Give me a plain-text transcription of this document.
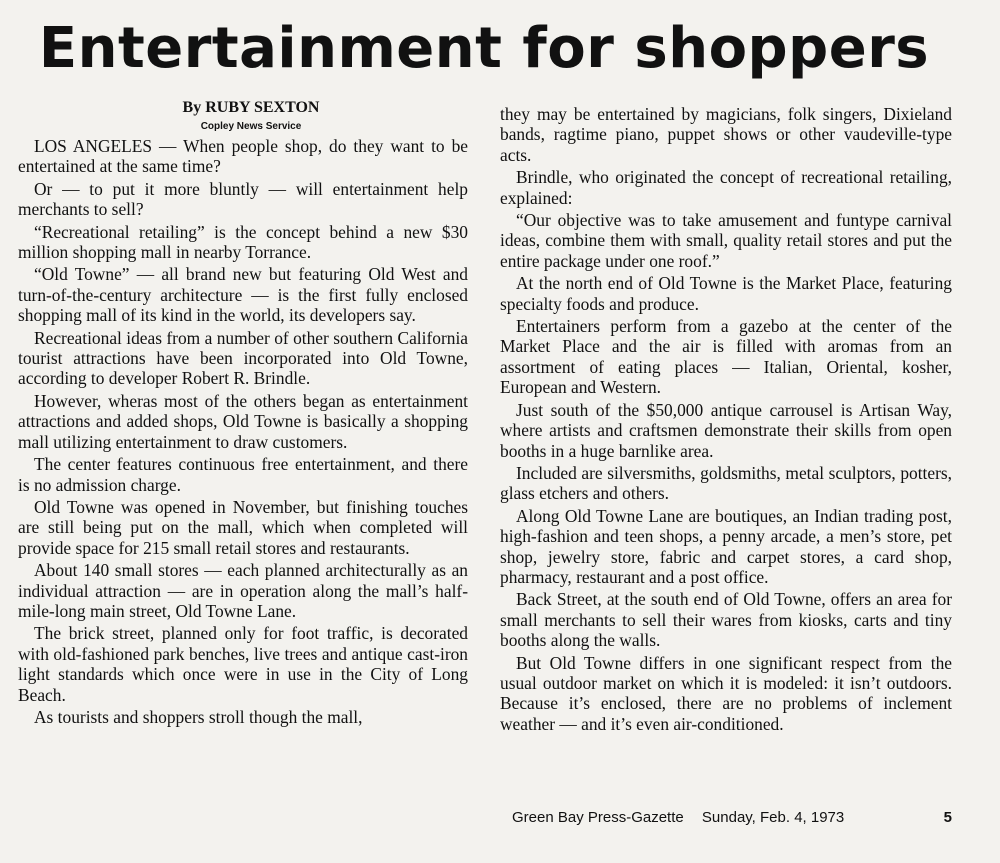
Entertainment for shoppers

By RUBY SEXTON

Copley News Service

LOS ANGELES — When people shop, do they want to be entertained at the same time?

Or — to put it more bluntly — will entertainment help merchants to sell?

“Recreational retailing” is the concept behind a new $30 million shopping mall in nearby Torrance.

“Old Towne” — all brand new but featuring Old West and turn-of-the-century architecture — is the first fully enclosed shopping mall of its kind in the world, its developers say.

Recreational ideas from a number of other southern California tourist attractions have been incorporated into Old Towne, according to developer Robert R. Brindle.

However, wheras most of the others began as entertainment attractions and added shops, Old Towne is basically a shopping mall utilizing entertainment to draw customers.

The center features continuous free entertainment, and there is no admission charge.

Old Towne was opened in November, but finishing touches are still being put on the mall, which when completed will provide space for 215 small retail stores and restaurants.

About 140 small stores — each planned architecturally as an individual attraction — are in operation along the mall’s half-mile-long main street, Old Towne Lane.

The brick street, planned only for foot traffic, is decorated with old-fashioned park benches, live trees and antique cast-iron light standards which once were in use in the City of Long Beach.

As tourists and shoppers stroll though the mall,

they may be entertained by magicians, folk singers, Dixieland bands, ragtime piano, puppet shows or other vaudeville-type acts.

Brindle, who originated the concept of recreational retailing, explained:

“Our objective was to take amusement and funtype carnival ideas, combine them with small, quality retail stores and put the entire package under one roof.”

At the north end of Old Towne is the Market Place, featuring specialty foods and produce.

Entertainers perform from a gazebo at the center of the Market Place and the air is filled with aromas from an assortment of eating places — Italian, Oriental, kosher, European and Western.

Just south of the $50,000 antique carrousel is Artisan Way, where artists and craftsmen demonstrate their skills from open booths in a huge barnlike area.

Included are silversmiths, goldsmiths, metal sculptors, potters, glass etchers and others.

Along Old Towne Lane are boutiques, an Indian trading post, high-fashion and teen shops, a penny arcade, a men’s store, pet shop, jewelry store, fabric and carpet stores, a card shop, pharmacy, restaurant and a post office.

Back Street, at the south end of Old Towne, offers an area for small merchants to sell their wares from kiosks, carts and tiny booths along the walls.

But Old Towne differs in one significant respect from the usual outdoor market on which it is modeled: it isn’t outdoors. Because it’s enclosed, there are no problems of inclement weather — and it’s even air-conditioned.

Green Bay Press-Gazette Sunday, Feb. 4, 1973	5
